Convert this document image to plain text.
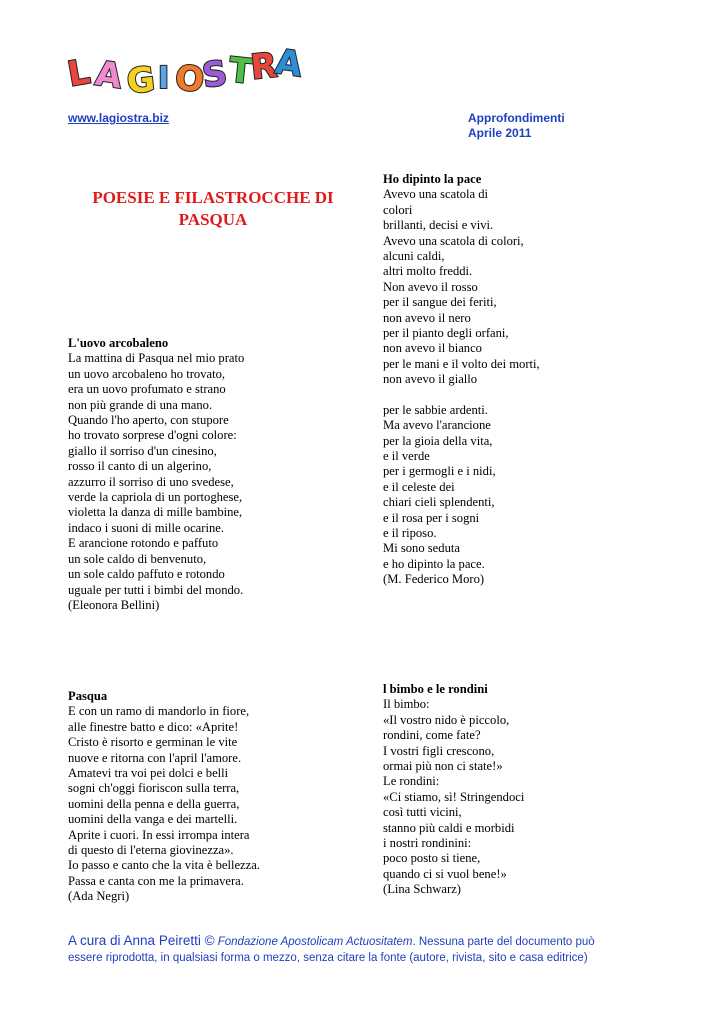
L A G I O
S
T
R
A
www.lagiostra.biz	Approfondimenti
Aprile 2011
POESIE E FILASTROCCHE DI
PASQUA
L'uovo arcobaleno
La mattina di Pasqua nel mio prato
un uovo arcobaleno ho trovato,
era un uovo profumato e strano
non più grande di una mano.
Quando l'ho aperto, con stupore
ho trovato sorprese d'ogni colore:
giallo il sorriso d'un cinesino,
rosso il canto di un algerino,
azzurro il sorriso di uno svedese,
verde la capriola di un portoghese,
violetta la danza di mille bambine,
indaco i suoni di mille ocarine.
E arancione rotondo e paffuto
un sole caldo di benvenuto,
un sole caldo paffuto e rotondo
uguale per tutti i bimbi del mondo.
(Eleonora Bellini)
Pasqua
E con un ramo di mandorlo in fiore,
alle finestre batto e dico: «Aprite!
Cristo è risorto e germinan le vite
nuove e ritorna con l'april l'amore.
Amatevi tra voi pei dolci e belli
sogni ch'oggi fioriscon sulla terra,
uomini della penna e della guerra,
uomini della vanga e dei martelli.
Aprite i cuori. In essi irrompa intera
di questo di l'eterna giovinezza».
Io passo e canto che la vita è bellezza.
Passa e canta con me la primavera.
(Ada Negri)
Ho dipinto la pace
Avevo una scatola di
colori
brillanti, decisi e vivi.
Avevo una scatola di colori,
alcuni caldi,
altri molto freddi.
Non avevo il rosso
per il sangue dei feriti,
non avevo il nero
per il pianto degli orfani,
non avevo il bianco
per le mani e il volto dei morti,
non avevo il giallo
per le sabbie ardenti.
Ma avevo l'arancione
per la gioia della vita,
e il verde
per i germogli e i nidi,
e il celeste dei
chiari cieli splendenti,
e il rosa per i sogni
e il riposo.
Mi sono seduta
e ho dipinto la pace.
(M. Federico Moro)
l bimbo e le rondini
Il bimbo:
«Il vostro nido è piccolo,
rondini, come fate?
I vostri figli crescono,
ormai più non ci state!»
Le rondini:
«Ci stiamo, sì! Stringendoci
così tutti vicini,
stanno più caldi e morbidi
i nostri rondinini:
poco posto si tiene,
quando ci si vuol bene!»
(Lina Schwarz)
A cura di Anna Peiretti © Fondazione Apostolicam Actuositatem. Nessuna parte del documento può
essere riprodotta, in qualsiasi forma o mezzo, senza citare la fonte (autore, rivista, sito e casa editrice)
